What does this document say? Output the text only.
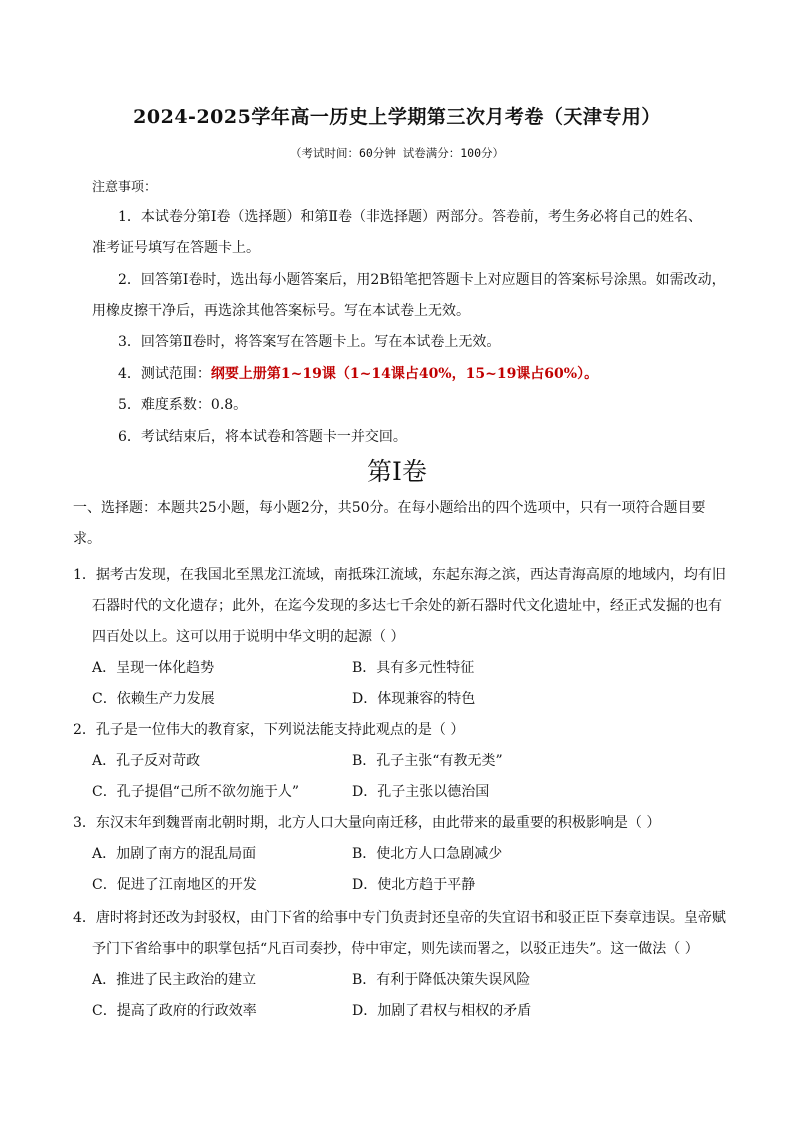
2024-2025学年高一历史上学期第三次月考卷（天津专用）
（考试时间：60分钟 试卷满分：100分）
注意事项：
1．本试卷分第Ⅰ卷（选择题）和第Ⅱ卷（非选择题）两部分。答卷前，考生务必将自己的姓名、
准考证号填写在答题卡上。
2．回答第Ⅰ卷时，选出每小题答案后，用2B铅笔把答题卡上对应题目的答案标号涂黑。如需改动，
用橡皮擦干净后，再选涂其他答案标号。写在本试卷上无效。
3．回答第Ⅱ卷时，将答案写在答题卡上。写在本试卷上无效。
4．测试范围：纲要上册第1~19课（1~14课占40%，15~19课占60%）。
5．难度系数：0.8。
6．考试结束后，将本试卷和答题卡一并交回。
第Ⅰ卷
一、选择题：本题共25小题，每小题2分，共50分。在每小题给出的四个选项中，只有一项符合题目要
求。
1．据考古发现，在我国北至黑龙江流域，南抵珠江流域，东起东海之滨，西达青海高原的地域内，均有旧
石器时代的文化遗存；此外，在迄今发现的多达七千余处的新石器时代文化遗址中，经正式发掘的也有
四百处以上。这可以用于说明中华文明的起源（ ）
A．呈现一体化趋势	B．具有多元性特征
C．依赖生产力发展	D．体现兼容的特色
2．孔子是一位伟大的教育家，下列说法能支持此观点的是（ ）
A．孔子反对苛政	B．孔子主张“有教无类”
C．孔子提倡“己所不欲勿施于人”	D．孔子主张以德治国
3．东汉末年到魏晋南北朝时期，北方人口大量向南迁移，由此带来的最重要的积极影响是（ ）
A．加剧了南方的混乱局面	B．使北方人口急剧减少
C．促进了江南地区的开发	D．使北方趋于平静
4．唐时将封还改为封驳权，由门下省的给事中专门负责封还皇帝的失宜诏书和驳正臣下奏章违误。皇帝赋
予门下省给事中的职掌包括“凡百司奏抄，侍中审定，则先读而署之，以驳正违失”。这一做法（ ）
A．推进了民主政治的建立	B．有利于降低决策失误风险
C．提高了政府的行政效率	D．加剧了君权与相权的矛盾
